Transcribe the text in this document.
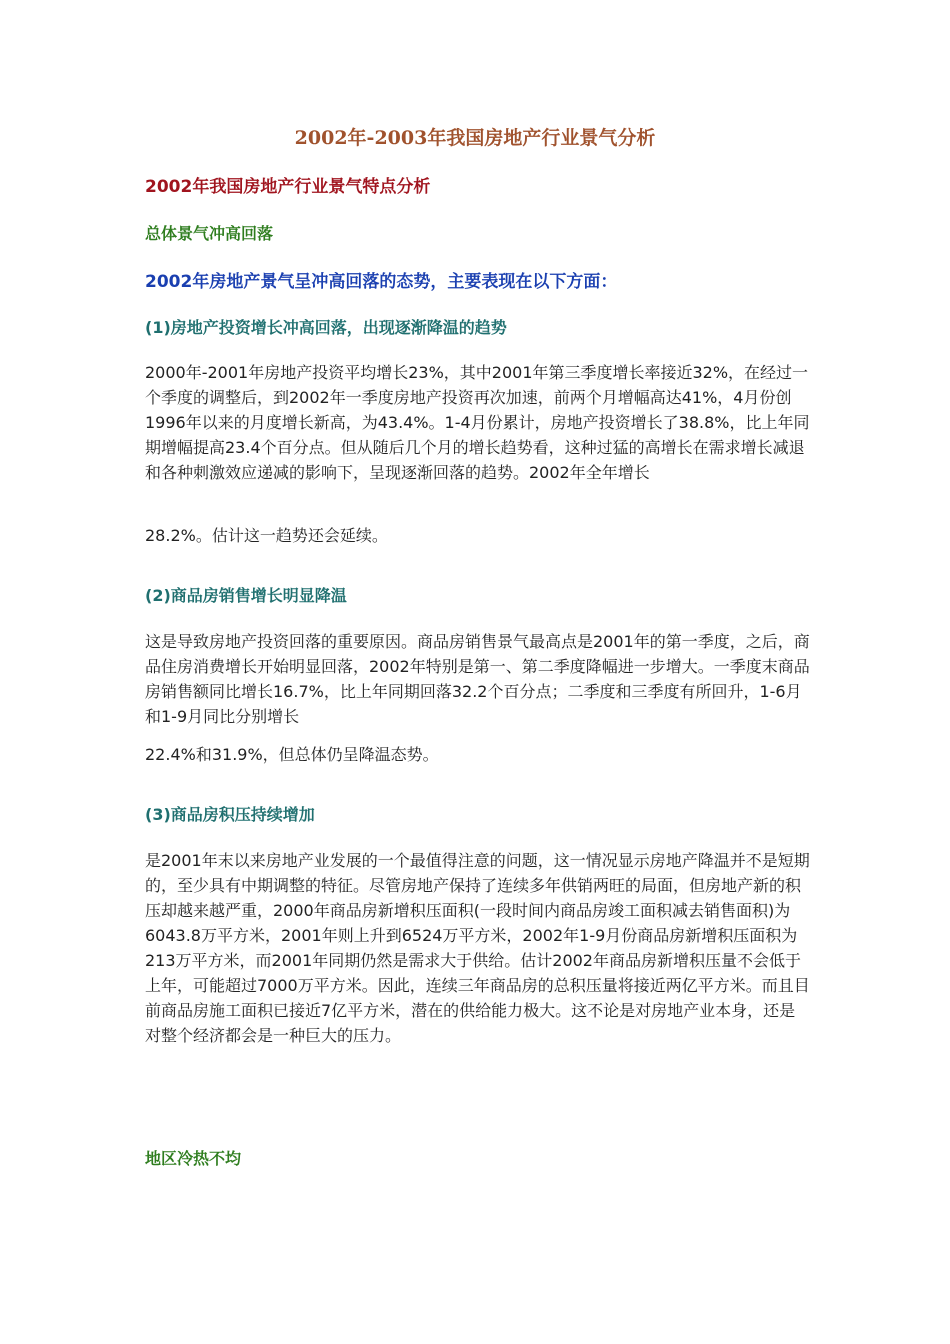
2002年-2003年我国房地产行业景气分析
2002年我国房地产行业景气特点分析
总体景气冲高回落

2002年房地产景气呈冲高回落的态势，主要表现在以下方面：

(1)房地产投资增长冲高回落，出现逐渐降温的趋势

2000年-2001年房地产投资平均增长23%，其中2001年第三季度增长率接近32%，在经过一个季度的调整后，到2002年一季度房地产投资再次加速，前两个月增幅高达41%，4月份创1996年以来的月度增长新高，为43.4%。1-4月份累计，房地产投资增长了38.8%，比上年同期增幅提高23.4个百分点。但从随后几个月的增长趋势看，这种过猛的高增长在需求增长减退和各种刺激效应递减的影响下，呈现逐渐回落的趋势。2002年全年增长

28.2%。估计这一趋势还会延续。

(2)商品房销售增长明显降温

这是导致房地产投资回落的重要原因。商品房销售景气最高点是2001年的第一季度，之后，商品住房消费增长开始明显回落，2002年特别是第一、第二季度降幅进一步增大。一季度末商品房销售额同比增长16.7%，比上年同期回落32.2个百分点；二季度和三季度有所回升，1-6月和1-9月同比分别增长

22.4%和31.9%，但总体仍呈降温态势。

(3)商品房积压持续增加

是2001年末以来房地产业发展的一个最值得注意的问题，这一情况显示房地产降温并不是短期的，至少具有中期调整的特征。尽管房地产保持了连续多年供销两旺的局面，但房地产新的积压却越来越严重，2000年商品房新增积压面积(一段时间内商品房竣工面积减去销售面积)为6043.8万平方米，2001年则上升到6524万平方米，2002年1-9月份商品房新增积压面积为213万平方米，而2001年同期仍然是需求大于供给。估计2002年商品房新增积压量不会低于上年，可能超过7000万平方米。因此，连续三年商品房的总积压量将接近两亿平方米。而且目前商品房施工面积已接近7亿平方米，潜在的供给能力极大。这不论是对房地产业本身，还是对整个经济都会是一种巨大的压力。

地区冷热不均
